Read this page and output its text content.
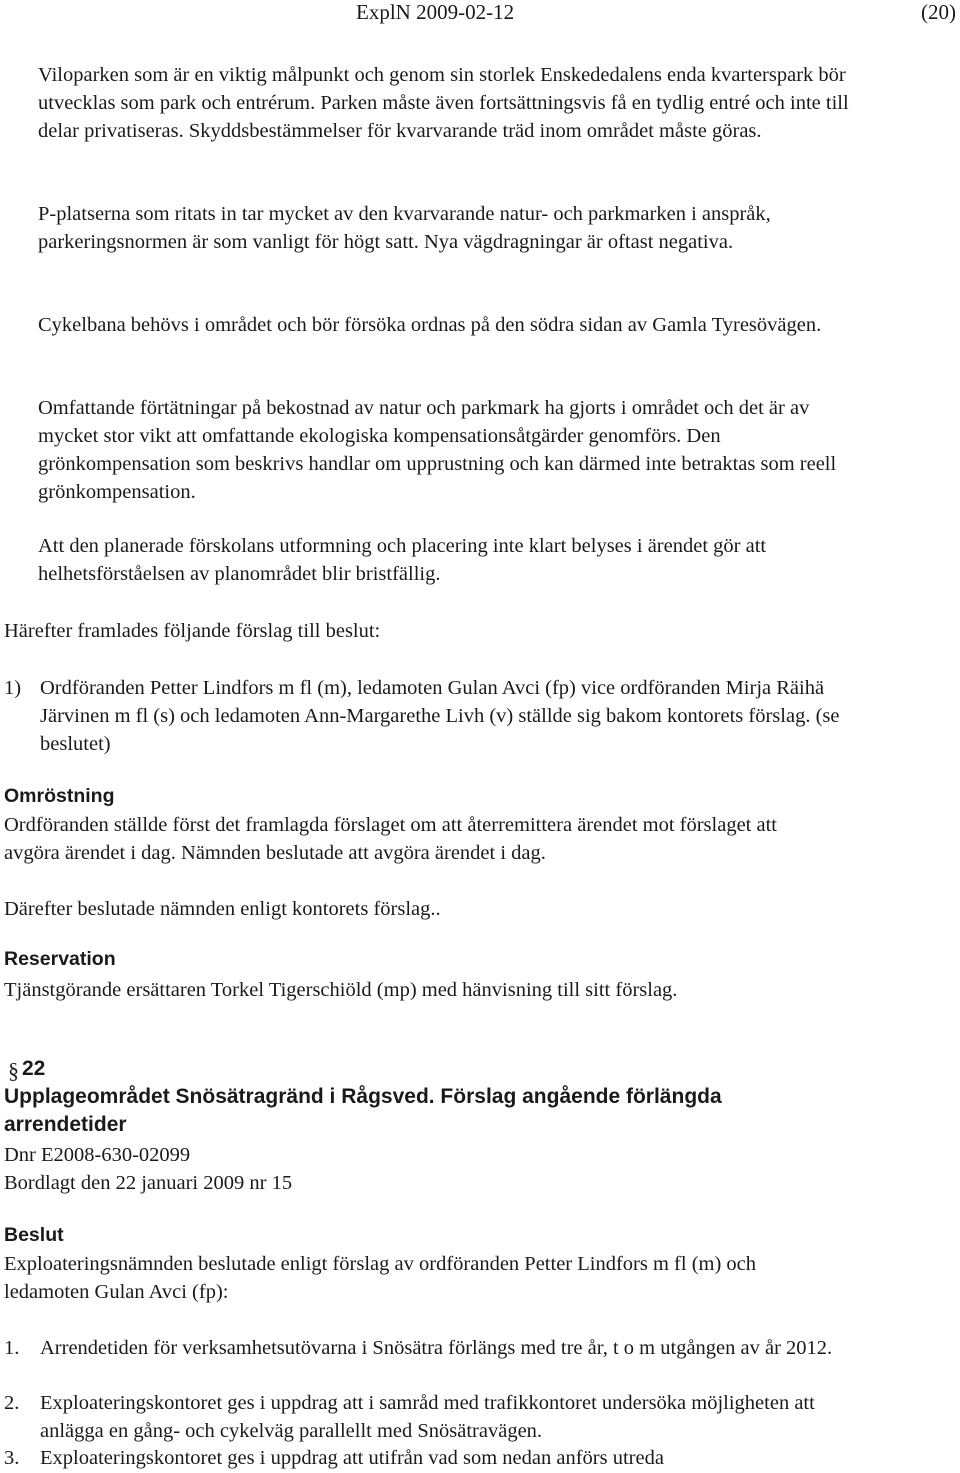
ExplN 2009-02-12	(20)

Viloparken som är en viktig målpunkt och genom sin storlek Enskededalens enda kvarterspark bör utvecklas som park och entrérum. Parken måste även fortsättningsvis få en tydlig entré och inte till delar privatiseras. Skyddsbestämmelser för kvarvarande träd inom området måste göras.

P-platserna som ritats in tar mycket av den kvarvarande natur- och parkmarken i anspråk, parkeringsnormen är som vanligt för högt satt. Nya vägdragningar är oftast negativa.

Cykelbana behövs i området och bör försöka ordnas på den södra sidan av Gamla Tyresövägen.

Omfattande förtätningar på bekostnad av natur och parkmark ha gjorts i området och det är av mycket stor vikt att omfattande ekologiska kompensationsåtgärder genomförs. Den grönkompensation som beskrivs handlar om upprustning och kan därmed inte betraktas som reell grönkompensation.

Att den planerade förskolans utformning och placering inte klart belyses i ärendet gör att helhetsförståelsen av planområdet blir bristfällig.

Härefter framlades följande förslag till beslut:

1) Ordföranden Petter Lindfors m fl (m), ledamoten Gulan Avci (fp) vice ordföranden Mirja Räihä Järvinen m fl (s) och ledamoten Ann-Margarethe Livh (v) ställde sig bakom kontorets förslag. (se beslutet)
Omröstning

Ordföranden ställde först det framlagda förslaget om att återremittera ärendet mot förslaget att avgöra ärendet i dag. Nämnden beslutade att avgöra ärendet i dag.

Därefter beslutade nämnden enligt kontorets förslag..

Reservation

Tjänstgörande ersättaren Torkel Tigerschiöld (mp) med hänvisning till sitt förslag.

§ 22
Upplageområdet Snösätragränd i Rågsved. Förslag angående förlängda arrendetider

Dnr E2008-630-02099

Bordlagt den 22 januari 2009 nr 15

Beslut

Exploateringsnämnden beslutade enligt förslag av ordföranden Petter Lindfors m fl (m) och ledamoten Gulan Avci (fp):

1. Arrendetiden för verksamhetsutövarna i Snösätra förlängs med tre år, t o m utgången av år 2012.
2. Exploateringskontoret ges i uppdrag att i samråd med trafikkontoret undersöka möjligheten att anlägga en gång- och cykelväg parallellt med Snösätravägen.
3. Exploateringskontoret ges i uppdrag att utifrån vad som nedan anförs utreda
